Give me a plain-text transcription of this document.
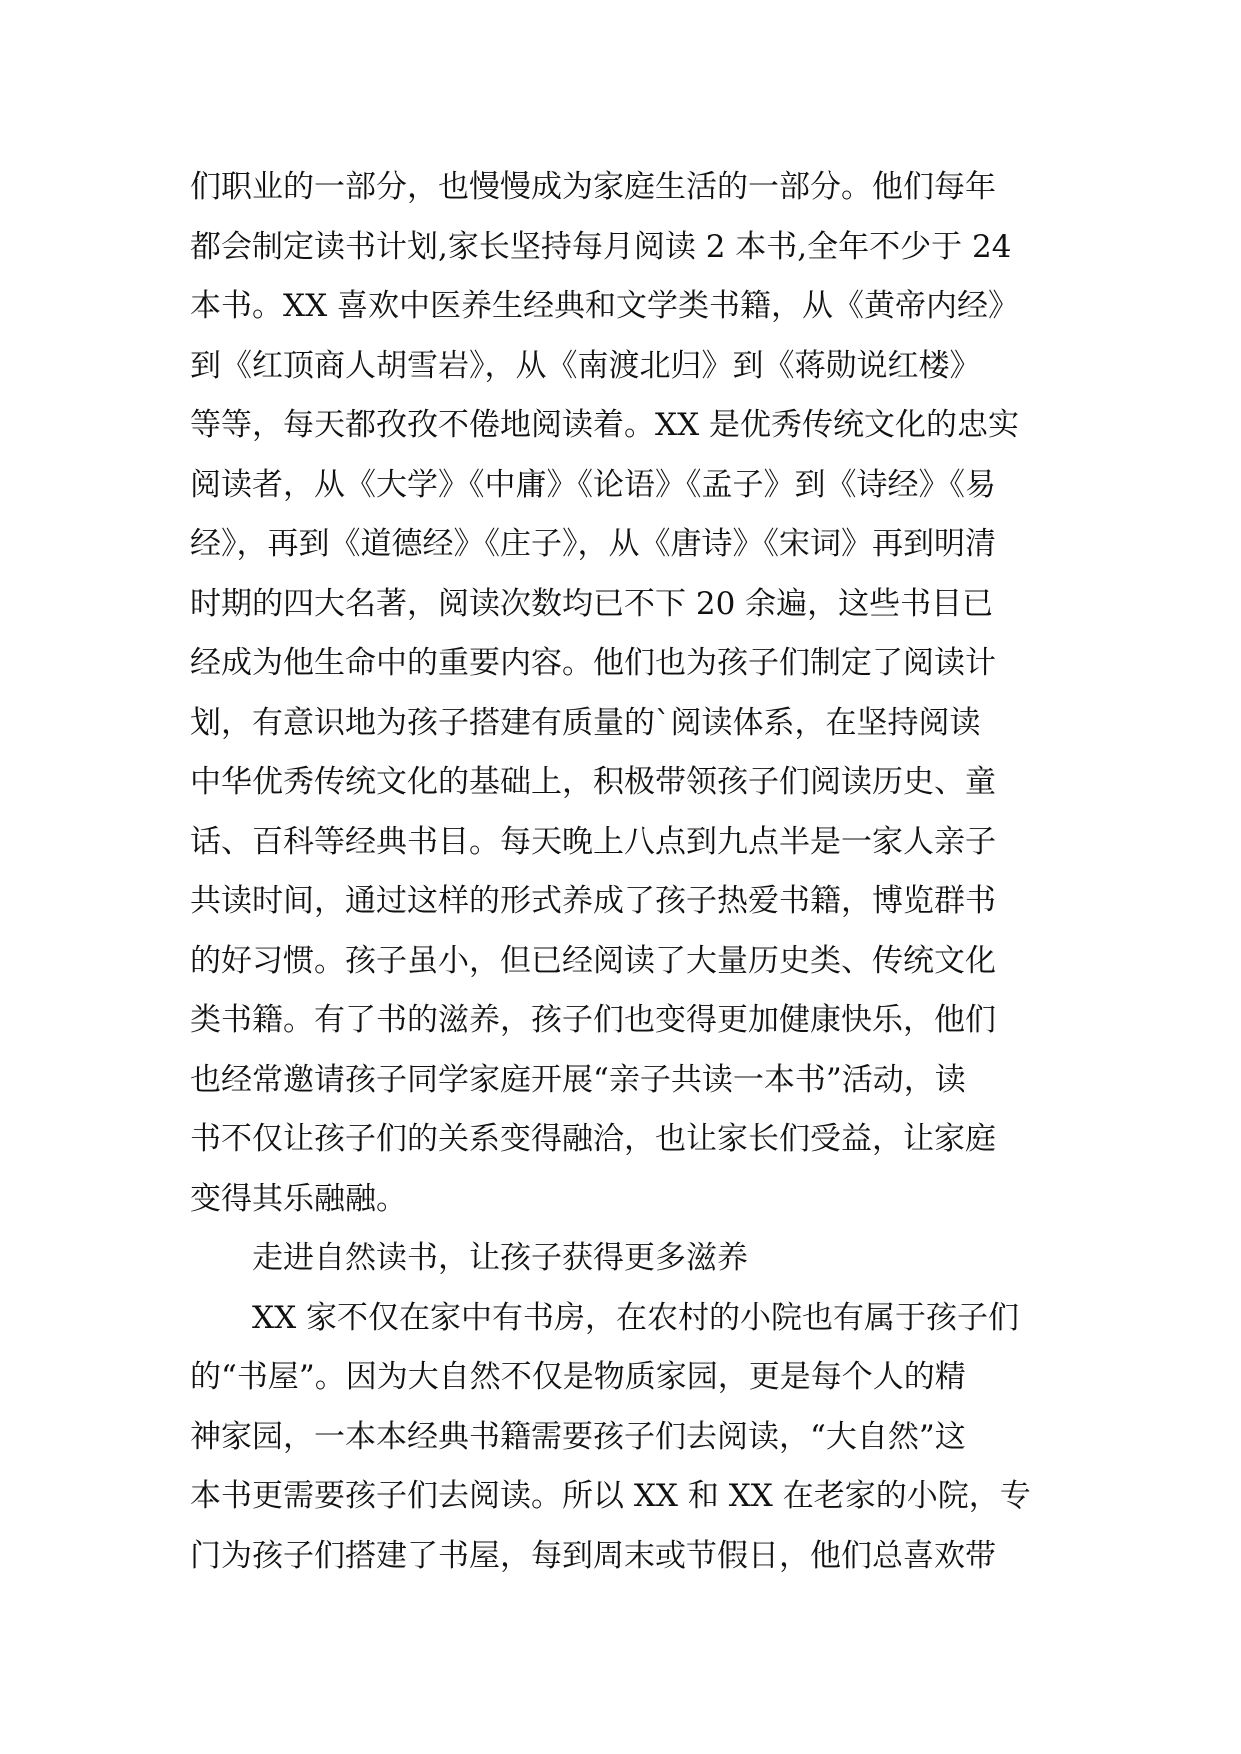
们职业的一部分，也慢慢成为家庭生活的一部分。他们每年
都会制定读书计划,家长坚持每月阅读 2 本书,全年不少于 24
本书。XX 喜欢中医养生经典和文学类书籍，从《黄帝内经》
到《红顶商人胡雪岩》，从《南渡北归》到《蒋勋说红楼》
等等，每天都孜孜不倦地阅读着。XX 是优秀传统文化的忠实
阅读者，从《大学》《中庸》《论语》《孟子》到《诗经》《易
经》，再到《道德经》《庄子》，从《唐诗》《宋词》再到明清
时期的四大名著，阅读次数均已不下 20 余遍，这些书目已
经成为他生命中的重要内容。他们也为孩子们制定了阅读计
划，有意识地为孩子搭建有质量的`阅读体系，在坚持阅读
中华优秀传统文化的基础上，积极带领孩子们阅读历史、童
话、百科等经典书目。每天晚上八点到九点半是一家人亲子
共读时间，通过这样的形式养成了孩子热爱书籍，博览群书
的好习惯。孩子虽小，但已经阅读了大量历史类、传统文化
类书籍。有了书的滋养，孩子们也变得更加健康快乐，他们
也经常邀请孩子同学家庭开展“亲子共读一本书”活动，读
书不仅让孩子们的关系变得融洽，也让家长们受益，让家庭
变得其乐融融。
走进自然读书，让孩子获得更多滋养
XX 家不仅在家中有书房，在农村的小院也有属于孩子们
的“书屋”。因为大自然不仅是物质家园，更是每个人的精
神家园，一本本经典书籍需要孩子们去阅读，“大自然”这
本书更需要孩子们去阅读。所以 XX 和 XX 在老家的小院，专
门为孩子们搭建了书屋，每到周末或节假日，他们总喜欢带
